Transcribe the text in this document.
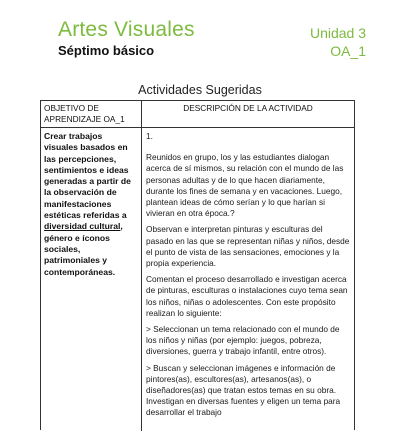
Artes Visuales
Séptimo básico
Unidad 3
OA_1
Actividades Sugeridas
OBJETIVO DE APRENDIZAJE OA_1
DESCRIPCIÓN DE LA ACTIVIDAD
Crear trabajos visuales basados en las percepciones, sentimientos e ideas generadas a partir de la observación de manifestaciones estéticas referidas a diversidad cultural, género e íconos sociales, patrimoniales y contemporáneas.

1.

Reunidos en grupo, los y las estudiantes dialogan acerca de sí mismos, su relación con el mundo de las personas adultas y de lo que hacen diariamente, durante los fines de semana y en vacaciones. Luego, plantean ideas de cómo serían y lo que harían si vivieran en otra época.?

Observan e interpretan pinturas y esculturas del pasado en las que se representan niñas y niños, desde el punto de vista de las sensaciones, emociones y la propia experiencia.

Comentan el proceso desarrollado e investigan acerca de pinturas, esculturas o instalaciones cuyo tema sean los niños, niñas o adolescentes. Con este propósito realizan lo siguiente:

> Seleccionan un tema relacionado con el mundo de los niños y niñas (por ejemplo: juegos, pobreza, diversiones, guerra y trabajo infantil, entre otros).

> Buscan y seleccionan imágenes e información de pintores(as), escultores(as), artesanos(as), o diseñadores(as) que tratan estos temas en su obra. Investigan en diversas fuentes y eligen un tema para desarrollar el trabajo
